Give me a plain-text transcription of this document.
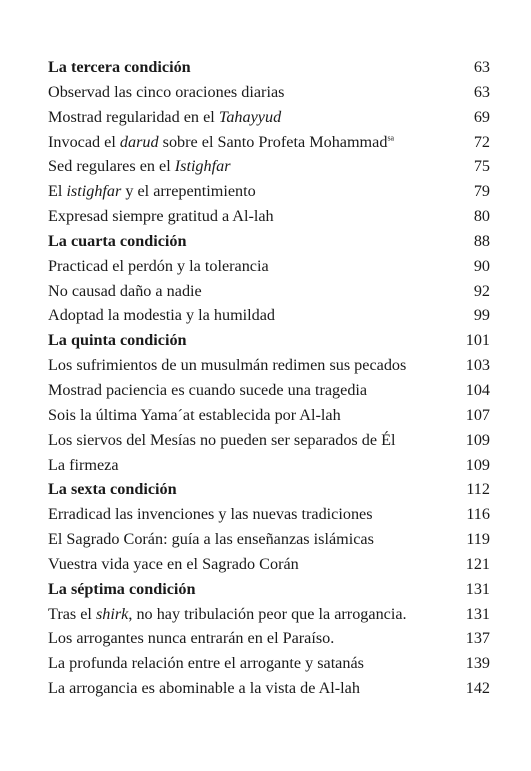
La tercera condición	63
Observad las cinco oraciones diarias	63
Mostrad regularidad en el Tahayyud	69
Invocad el darud sobre el Santo Profeta Mohammad$^{sa}$	72
Sed regulares en el Istighfar	75
El istighfar y el arrepentimiento	79
Expresad siempre gratitud a Al-lah	80
La cuarta condición	88
Practicad el perdón y la tolerancia	90
No causad daño a nadie	92
Adoptad la modestia y la humildad	99
La quinta condición	101
Los sufrimientos de un musulmán redimen sus pecados	103
Mostrad paciencia es cuando sucede una tragedia	104
Sois la última Yama´at establecida por Al-lah	107
Los siervos del Mesías no pueden ser separados de Él	109
La firmeza	109
La sexta condición	112
Erradicad las invenciones y las nuevas tradiciones	116
El Sagrado Corán: guía a las enseñanzas islámicas	119
Vuestra vida yace en el Sagrado Corán	121
La séptima condición	131
Tras el shirk, no hay tribulación peor que la arrogancia.	131
Los arrogantes nunca entrarán en el Paraíso.	137
La profunda relación entre el arrogante y satanás	139
La arrogancia es abominable a la vista de Al-lah	142
